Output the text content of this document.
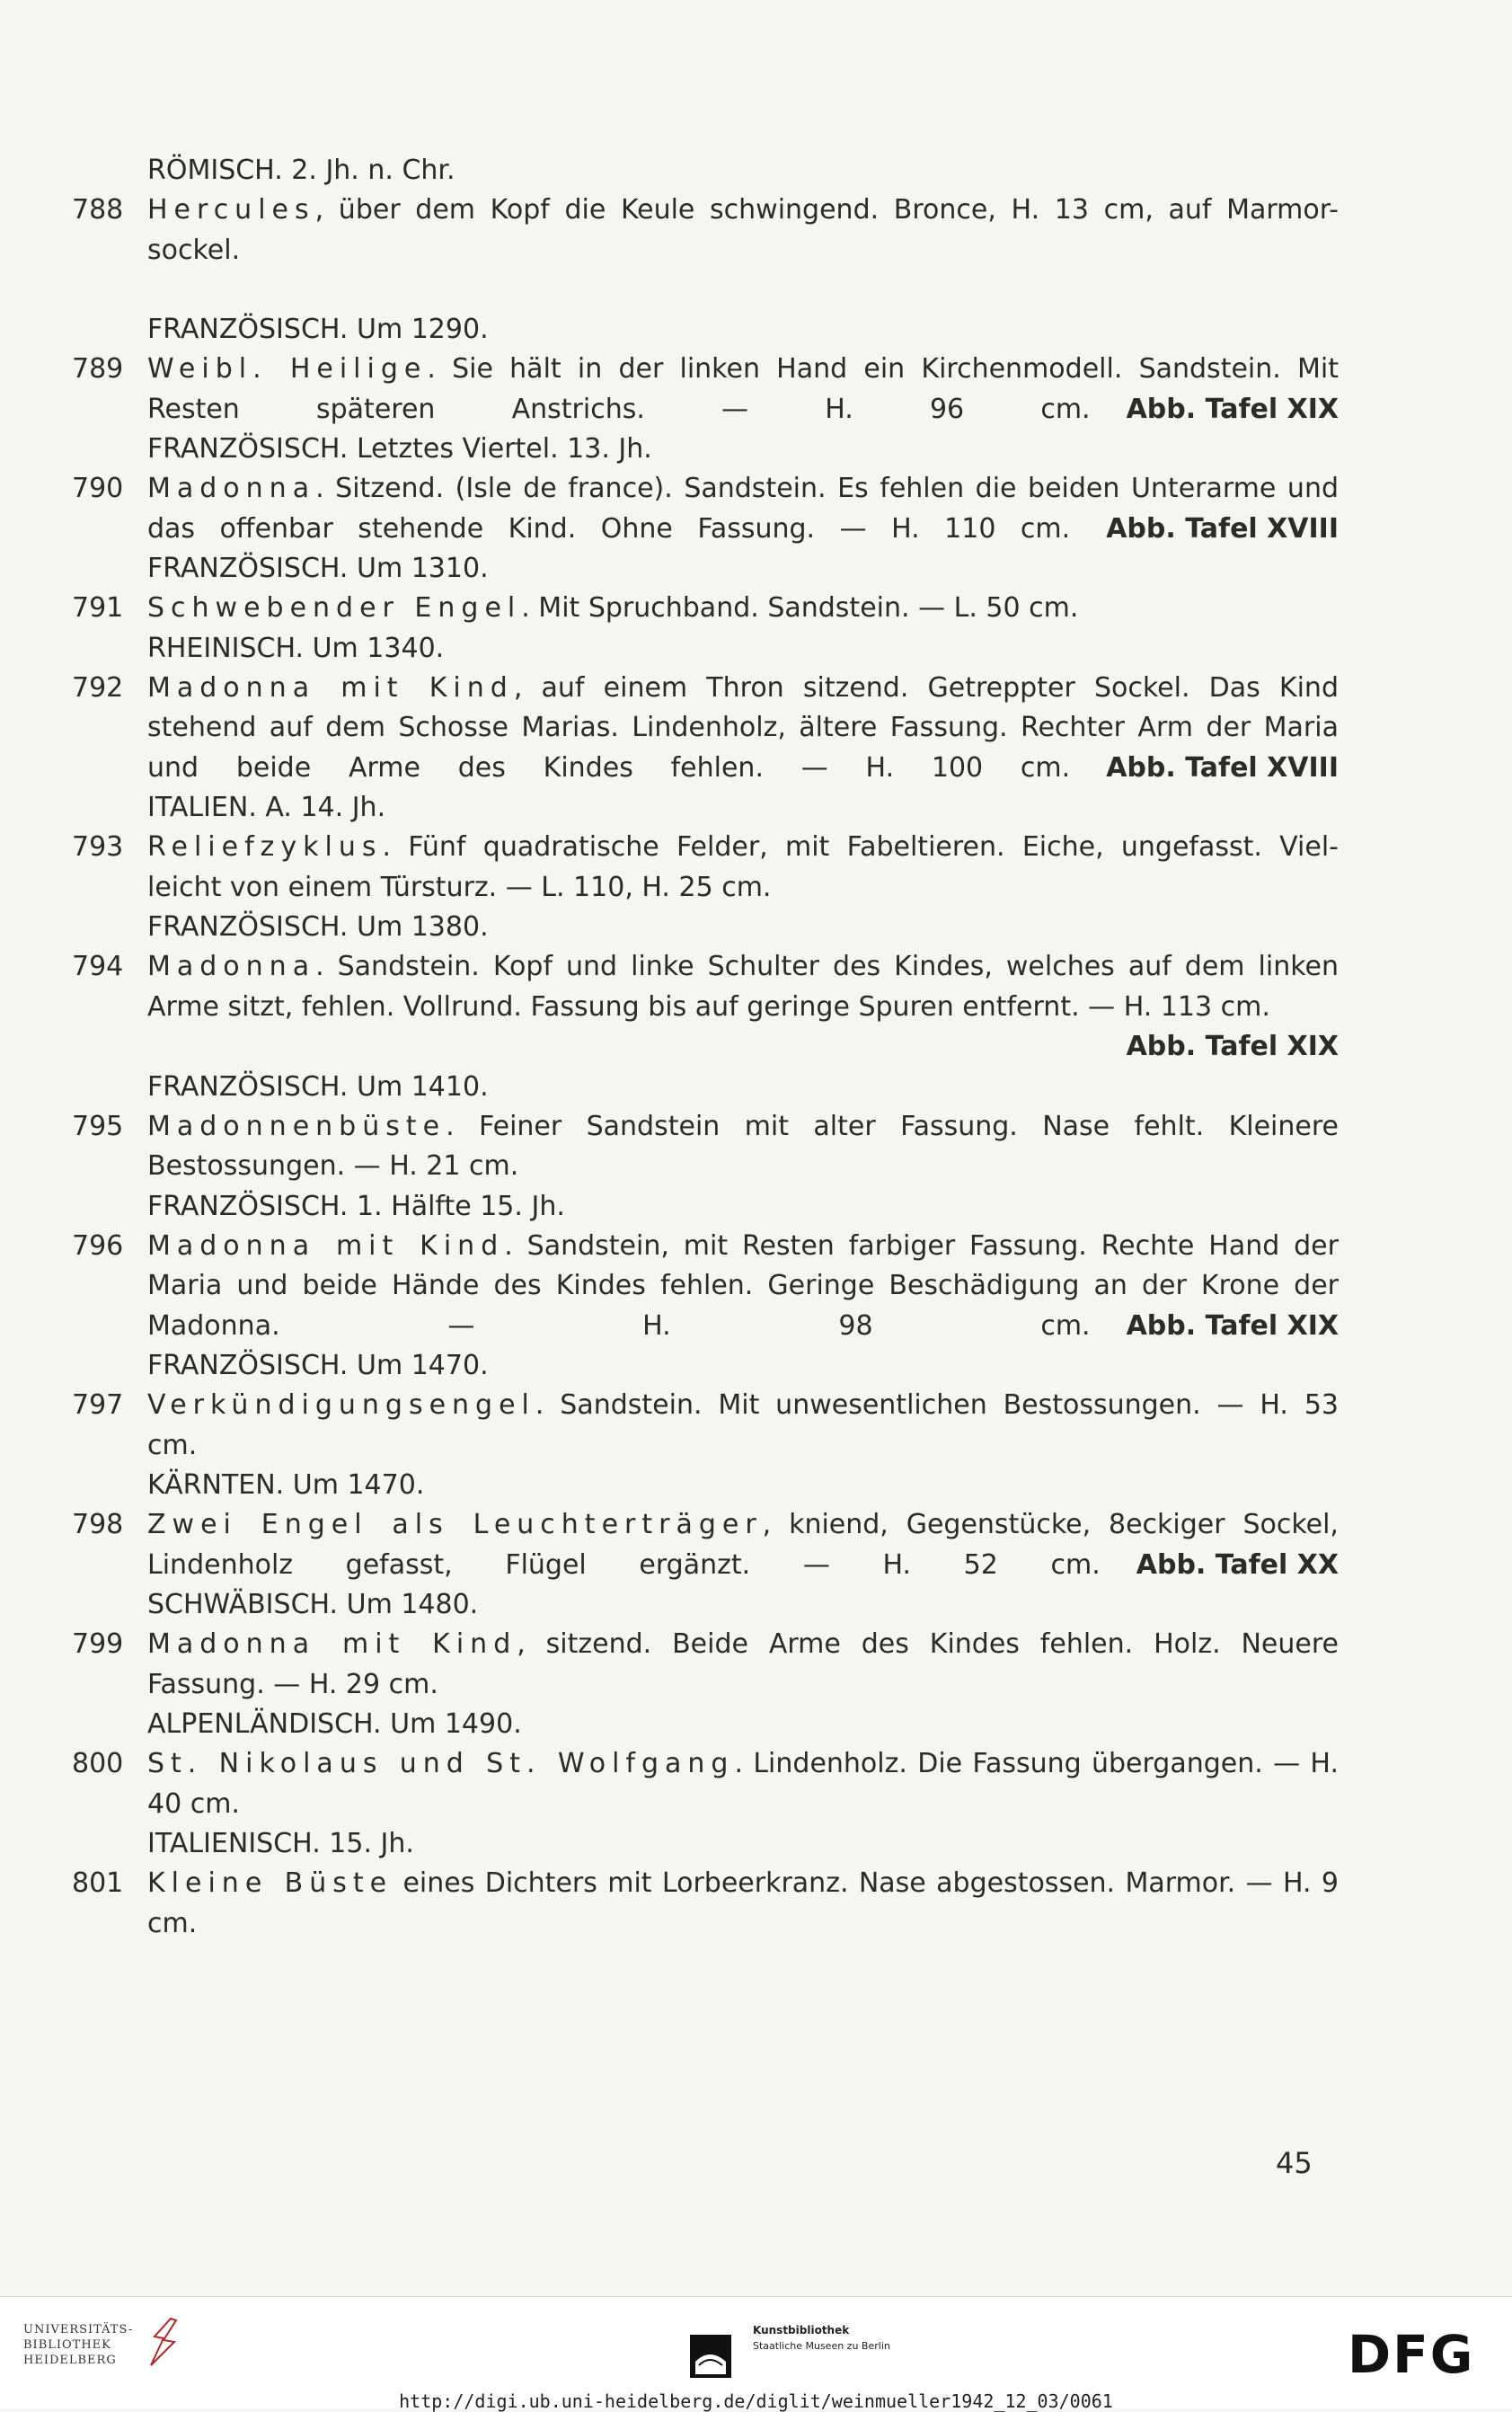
RÖMISCH. 2. Jh. n. Chr.
788 Hercules, über dem Kopf die Keule schwingend. Bronce, H. 13 cm, auf Marmor-sockel.
FRANZÖSISCH. Um 1290.
789 Weibl. Heilige. Sie hält in der linken Hand ein Kirchenmodell. Sandstein. Mit Resten späteren Anstrichs. — H. 96 cm. Abb. Tafel XIX
FRANZÖSISCH. Letztes Viertel. 13. Jh.
790 Madonna. Sitzend. (Isle de france). Sandstein. Es fehlen die beiden Unterarme und das offenbar stehende Kind. Ohne Fassung. — H. 110 cm. Abb. Tafel XVIII
FRANZÖSISCH. Um 1310.
791 Schwebender Engel. Mit Spruchband. Sandstein. — L. 50 cm.
RHEINISCH. Um 1340.
792 Madonna mit Kind, auf einem Thron sitzend. Getreppter Sockel. Das Kind stehend auf dem Schosse Marias. Lindenholz, ältere Fassung. Rechter Arm der Maria und beide Arme des Kindes fehlen. — H. 100 cm. Abb. Tafel XVIII
ITALIEN. A. 14. Jh.
793 Reliefzyklus. Fünf quadratische Felder, mit Fabeltieren. Eiche, ungefasst. Viel-leicht von einem Türsturz. — L. 110, H. 25 cm.
FRANZÖSISCH. Um 1380.
794 Madonna. Sandstein. Kopf und linke Schulter des Kindes, welches auf dem linken Arme sitzt, fehlen. Vollrund. Fassung bis auf geringe Spuren entfernt. — H. 113 cm.
Abb. Tafel XIX
FRANZÖSISCH. Um 1410.
795 Madonnenbüste. Feiner Sandstein mit alter Fassung. Nase fehlt. Kleinere Bestossungen. — H. 21 cm.
FRANZÖSISCH. 1. Hälfte 15. Jh.
796 Madonna mit Kind. Sandstein, mit Resten farbiger Fassung. Rechte Hand der Maria und beide Hände des Kindes fehlen. Geringe Beschädigung an der Krone der Madonna. — H. 98 cm. Abb. Tafel XIX
FRANZÖSISCH. Um 1470.
797 Verkündigungsengel. Sandstein. Mit unwesentlichen Bestossungen. — H. 53 cm.
KÄRNTEN. Um 1470.
798 Zwei Engel als Leuchterträger, kniend, Gegenstücke, 8eckiger Sockel, Lindenholz gefasst, Flügel ergänzt. — H. 52 cm. Abb. Tafel XX
SCHWÄBISCH. Um 1480.
799 Madonna mit Kind, sitzend. Beide Arme des Kindes fehlen. Holz. Neuere Fassung. — H. 29 cm.
ALPENLÄNDISCH. Um 1490.
800 St. Nikolaus und St. Wolfgang. Lindenholz. Die Fassung übergangen. — H. 40 cm.
ITALIENISCH. 15. Jh.
801 Kleine Büste eines Dichters mit Lorbeerkranz. Nase abgestossen. Marmor. — H. 9 cm.
45
UNIVERSITÄTS-
BIBLIOTHEK
HEIDELBERG
Kunstbibliothek
Staatliche Museen zu Berlin	DFG
http://digi.ub.uni-heidelberg.de/diglit/weinmueller1942_12_03/0061
